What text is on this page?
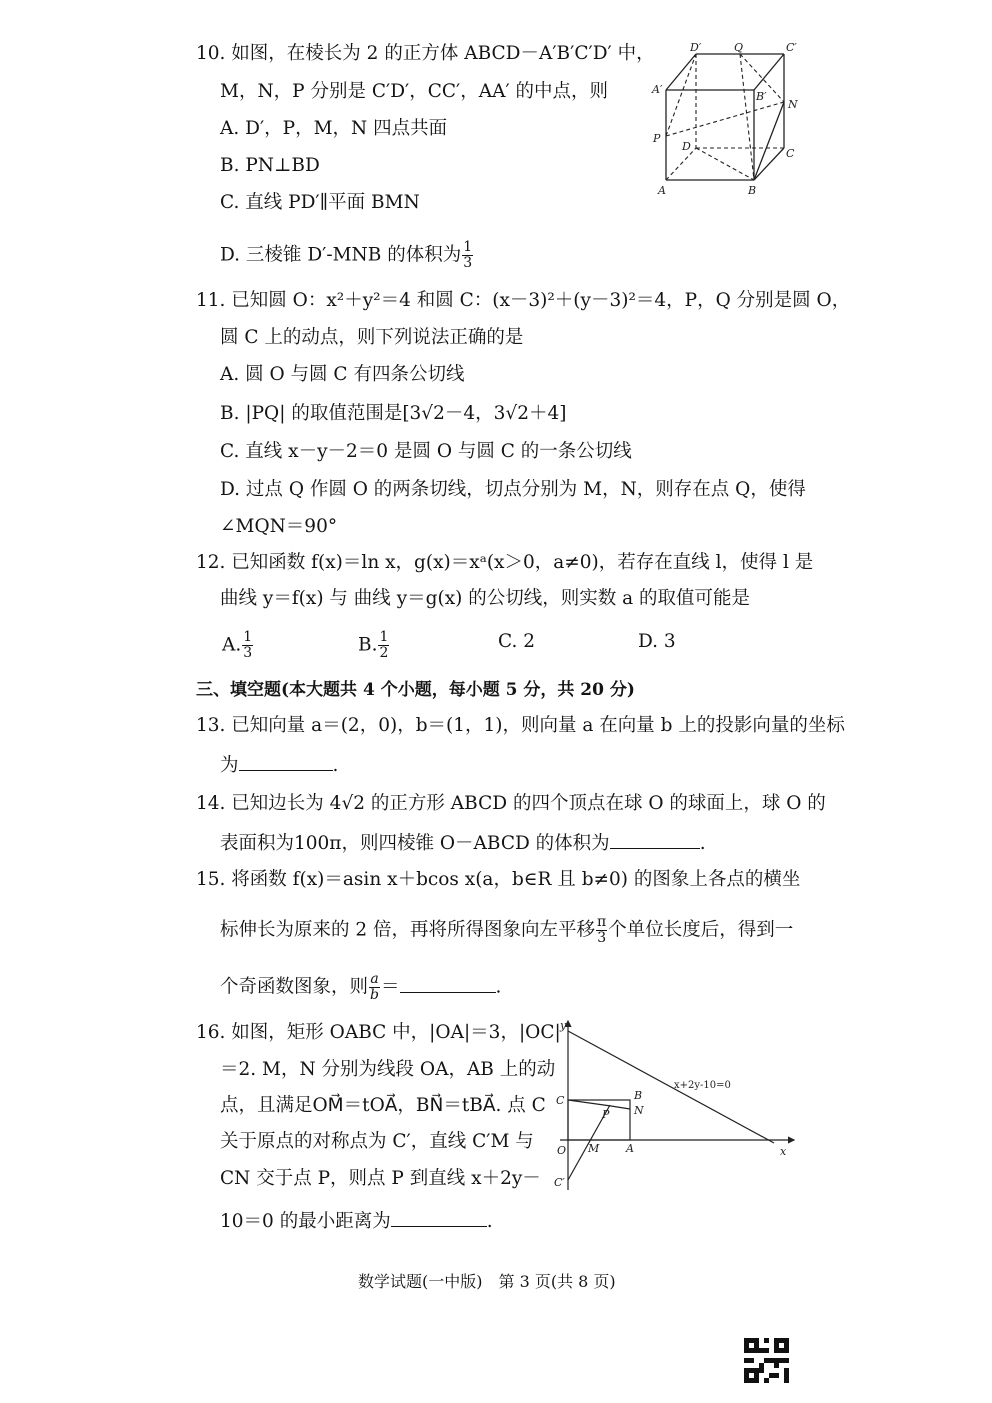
10. 如图，在棱长为 2 的正方体 ABCD－A′B′C′D′ 中，
M，N，P 分别是 C′D′，CC′，AA′ 的中点，则
A. D′，P，M，N 四点共面
B. PN⊥BD
C. 直线 PD′∥平面 BMN
D. 三棱锥 D′-MNB 的体积为 $\frac{1}{3}$
D′	Q	C′
A′
B′
N
P
D
C
A	B
11. 已知圆 O：x²＋y²＝4 和圆 C：(x－3)²＋(y－3)²＝4，P，Q 分别是圆 O，
圆 C 上的动点，则下列说法正确的是
A. 圆 O 与圆 C 有四条公切线
B. |PQ| 的取值范围是[3√2－4，3√2＋4]
C. 直线 x－y－2＝0 是圆 O 与圆 C 的一条公切线
D. 过点 Q 作圆 O 的两条切线，切点分别为 M，N，则存在点 Q，使得
∠MQN＝90°
12. 已知函数 f(x)＝ln x，g(x)＝xᵃ(x＞0，a≠0)，若存在直线 l，使得 l 是
曲线 y＝f(x) 与 曲线 y＝g(x) 的公切线，则实数 a 的取值可能是
A. $\frac{1}{3}$	B. $\frac{1}{2}$	C. 2	D. 3
三、填空题(本大题共 4 个小题，每小题 5 分，共 20 分)
13. 已知向量 a＝(2，0)，b＝(1，1)，则向量 a 在向量 b 上的投影向量的坐标
为	.
14. 已知边长为 4√2 的正方形 ABCD 的四个顶点在球 O 的球面上，球 O 的
表面积为100π，则四棱锥 O－ABCD 的体积为	.
15. 将函数 f(x)＝asin x＋bcos x(a，b∈R 且 b≠0) 的图象上各点的横坐
标伸长为原来的 2 倍，再将所得图象向左平移 $\frac{\pi}{3}$ 个单位长度后，得到一
个奇函数图象，则 $\frac{a}{b}$ ＝	.
16. 如图，矩形 OABC 中，|OA|＝3，|OC|
＝2. M，N 分别为线段 OA，AB 上的动
点，且满足OM⃗＝tOA⃗，BN⃗＝tBA⃗. 点 C
关于原点的对称点为 C′，直线 C′M 与
CN 交于点 P，则点 P 到直线 x＋2y－
10＝0 的最小距离为	.
y
x
O M A
C	B
N
P
C′
x+2y-10=0
数学试题(一中版)　第 3 页(共 8 页)
